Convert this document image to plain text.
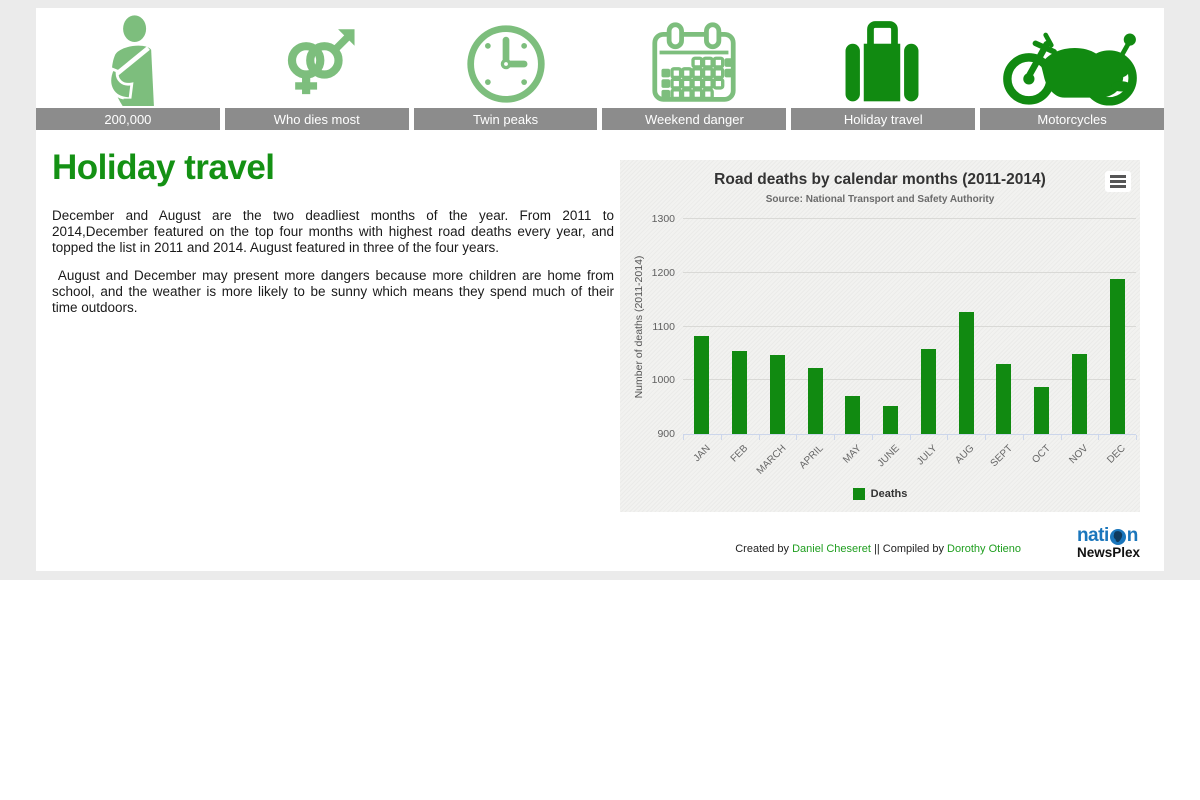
200,000	Who dies most	Twin peaks	Weekend danger	Holiday travel	Motorcycles
Holiday travel

December and August are the two deadliest months of the year. From 2011 to 2014,December featured on the top four months with highest road deaths every year, and topped the list in 2011 and 2014. August featured in three of the four years.

August and December may present more dangers because more children are home from school, and the weather is more likely to be sunny which means they spend much of their time outdoors.

Road deaths by calendar months (2011-2014)
Source: National Transport and Safety Authority
Number of deaths (2011-2014)
900
1000
1100
1200
1300
JAN FEB MARCH APRIL MAY JUNE JULY AUG SEPT OCT NOV DEC
Deaths
Created by Daniel Cheseret || Compiled by Dorothy Otieno
nati n
NewsPlex
